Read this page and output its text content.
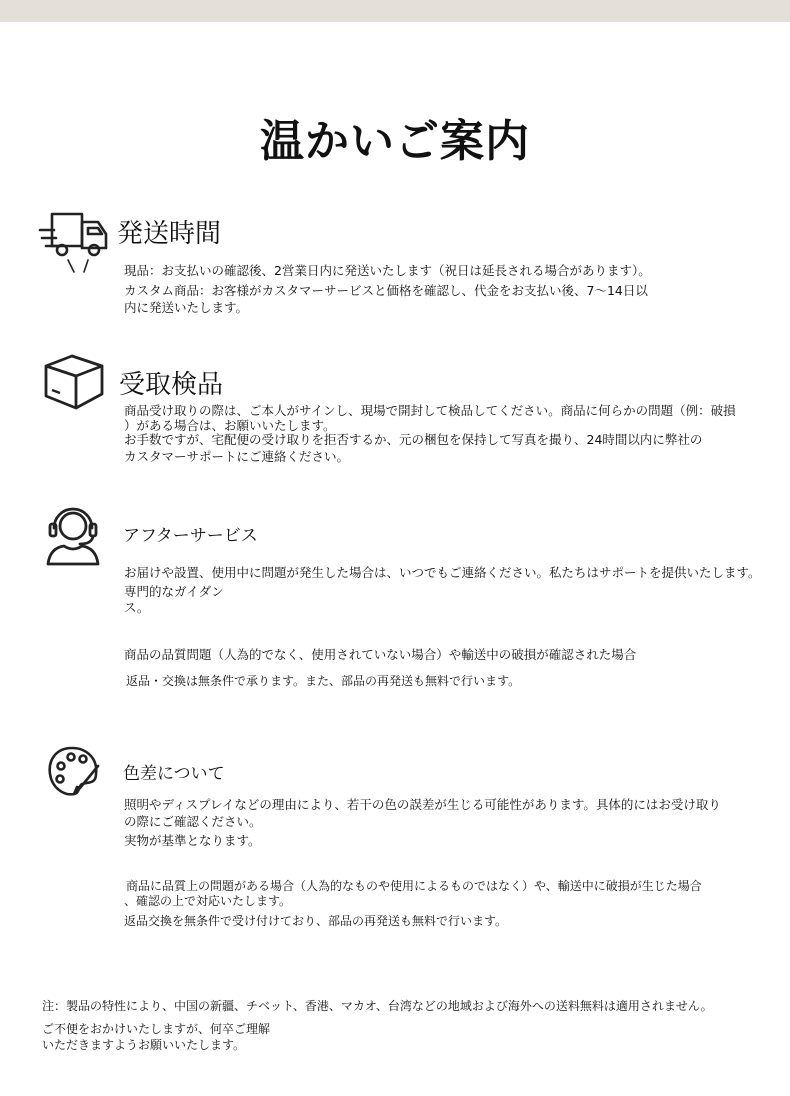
温かいご案内
発送時間
現品：お支払いの確認後、2営業日内に発送いたします（祝日は延長される場合があります）。
カスタム商品：お客様がカスタマーサービスと価格を確認し、代金をお支払い後、7〜14日以
内に発送いたします。
受取検品
商品受け取りの際は、ご本人がサインし、現場で開封して検品してください。商品に何らかの問題（例：破損
）がある場合は、お願いいたします。
お手数ですが、宅配便の受け取りを拒否するか、元の梱包を保持して写真を撮り、24時間以内に弊社の
カスタマーサポートにご連絡ください。
アフターサービス
お届けや設置、使用中に問題が発生した場合は、いつでもご連絡ください。私たちはサポートを提供いたします。
専門的なガイダン
ス。
商品の品質問題（人為的でなく、使用されていない場合）や輸送中の破損が確認された場合
返品・交換は無条件で承ります。また、部品の再発送も無料で行います。
色差について
照明やディスプレイなどの理由により、若干の色の誤差が生じる可能性があります。具体的にはお受け取り
の際にご確認ください。
実物が基準となります。
商品に品質上の問題がある場合（人為的なものや使用によるものではなく）や、輸送中に破損が生じた場合
、確認の上で対応いたします。
返品交換を無条件で受け付けており、部品の再発送も無料で行います。
注：製品の特性により、中国の新疆、チベット、香港、マカオ、台湾などの地域および海外への送料無料は適用されません。
ご不便をおかけいたしますが、何卒ご理解
いただきますようお願いいたします。
